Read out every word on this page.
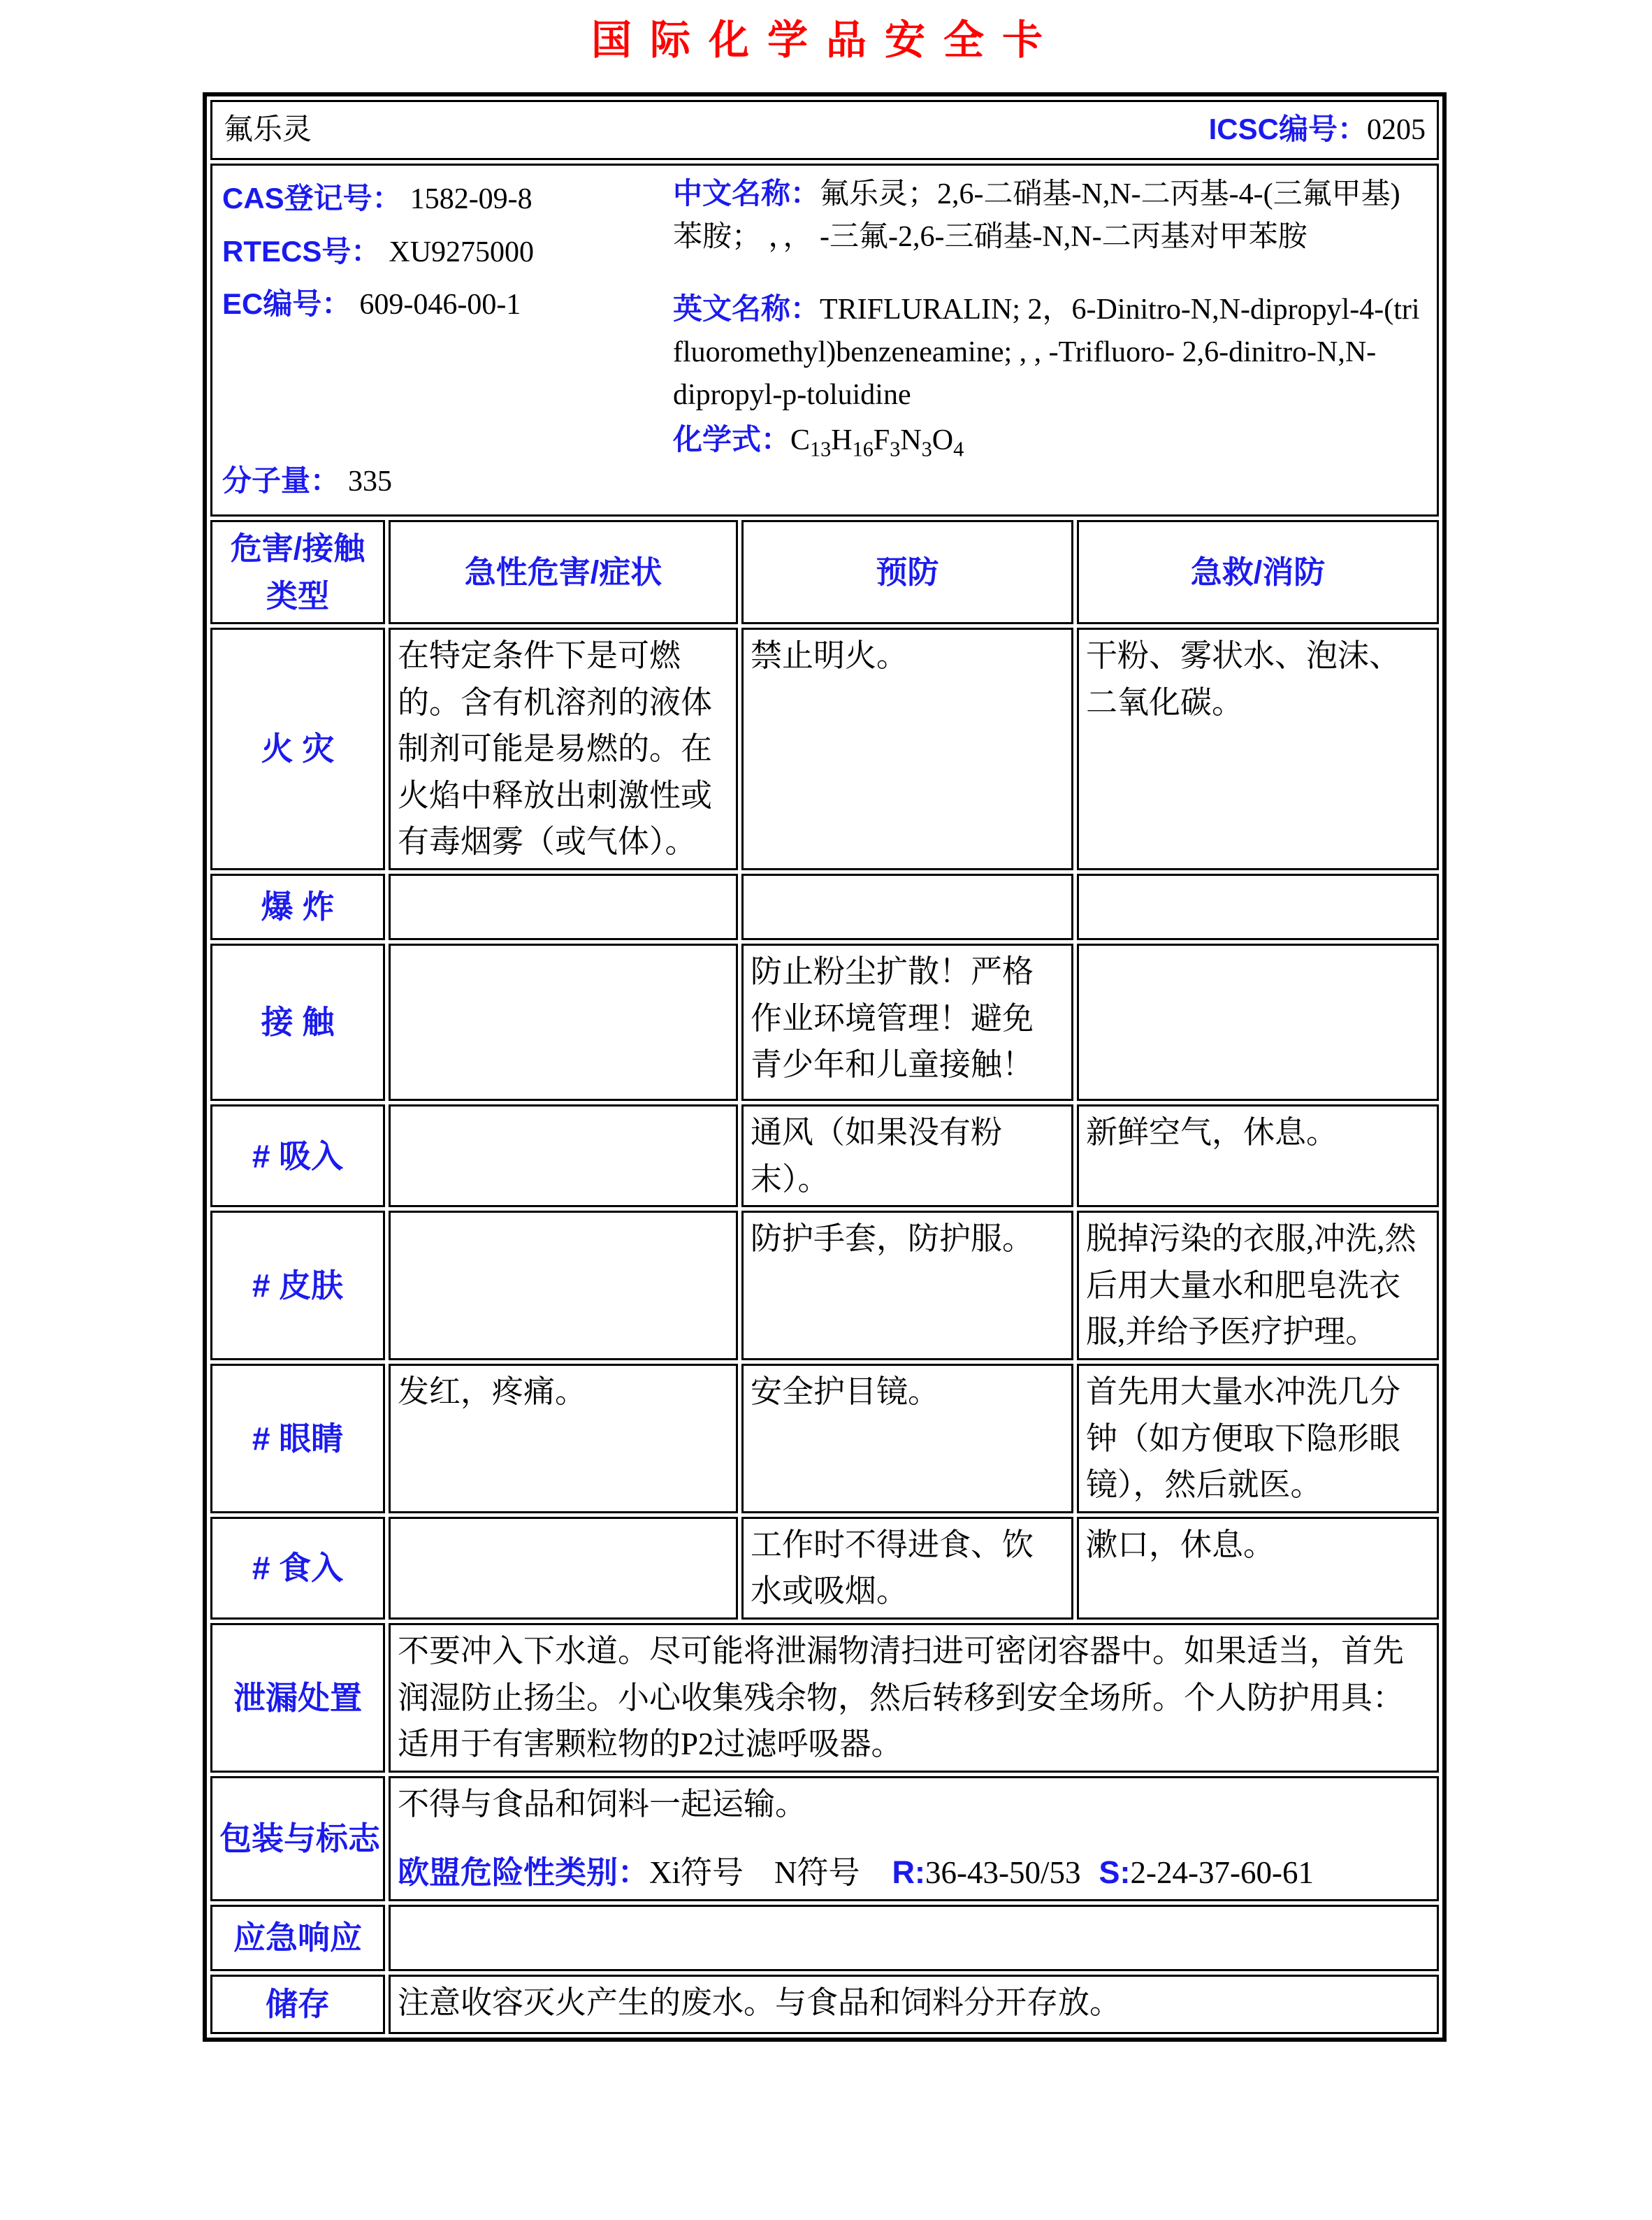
国际化学品安全卡
氟乐灵 ICSC编号：0205			

CAS登记号： 1582-09-8
RTECS号： XU9275000
EC编号： 609-046-00-1
分子量： 335
中文名称：氟乐灵；2,6-二硝基-N,N-二丙基-4-(三氟甲基)苯胺； ，， -三氟-2,6-三硝基-N,N-二丙基对甲苯胺
英文名称：TRIFLURALIN; 2，6-Dinitro-N,N-dipropyl-4-(tri fluoromethyl)benzeneamine; , , -Trifluoro- 2,6-dinitro-N,N-dipropyl-p-toluidine
化学式：$C_{13}H_{16}F_3N_3O_4$

危害/接触类型	急性危害/症状	预防	急救/消防
火 灾	在特定条件下是可燃的。含有机溶剂的液体制剂可能是易燃的。在火焰中释放出刺激性或有毒烟雾（或气体）。	禁止明火。	干粉、雾状水、泡沫、二氧化碳。
爆 炸			
接 触		防止粉尘扩散！严格作业环境管理！避免青少年和儿童接触！	
# 吸入		通风（如果没有粉末）。	新鲜空气，休息。
# 皮肤		防护手套，防护服。	脱掉污染的衣服,冲洗,然后用大量水和肥皂洗衣服,并给予医疗护理。
# 眼睛	发红，疼痛。	安全护目镜。	首先用大量水冲洗几分钟（如方便取下隐形眼镜），然后就医。
# 食入		工作时不得进食、饮水或吸烟。	漱口，休息。
泄漏处置	不要冲入下水道。尽可能将泄漏物清扫进可密闭容器中。如果适当，首先润湿防止扬尘。小心收集残余物，然后转移到安全场所。个人防护用具：适用于有害颗粒物的P2过滤呼吸器。		
包装与标志	不得与食品和饲料一起运输。
欧盟危险性类别：Xi符号 N符号 R:36-43-50/53 S:2-24-37-60-61		

应急响应			
储存	注意收容灭火产生的废水。与食品和饲料分开存放。		
